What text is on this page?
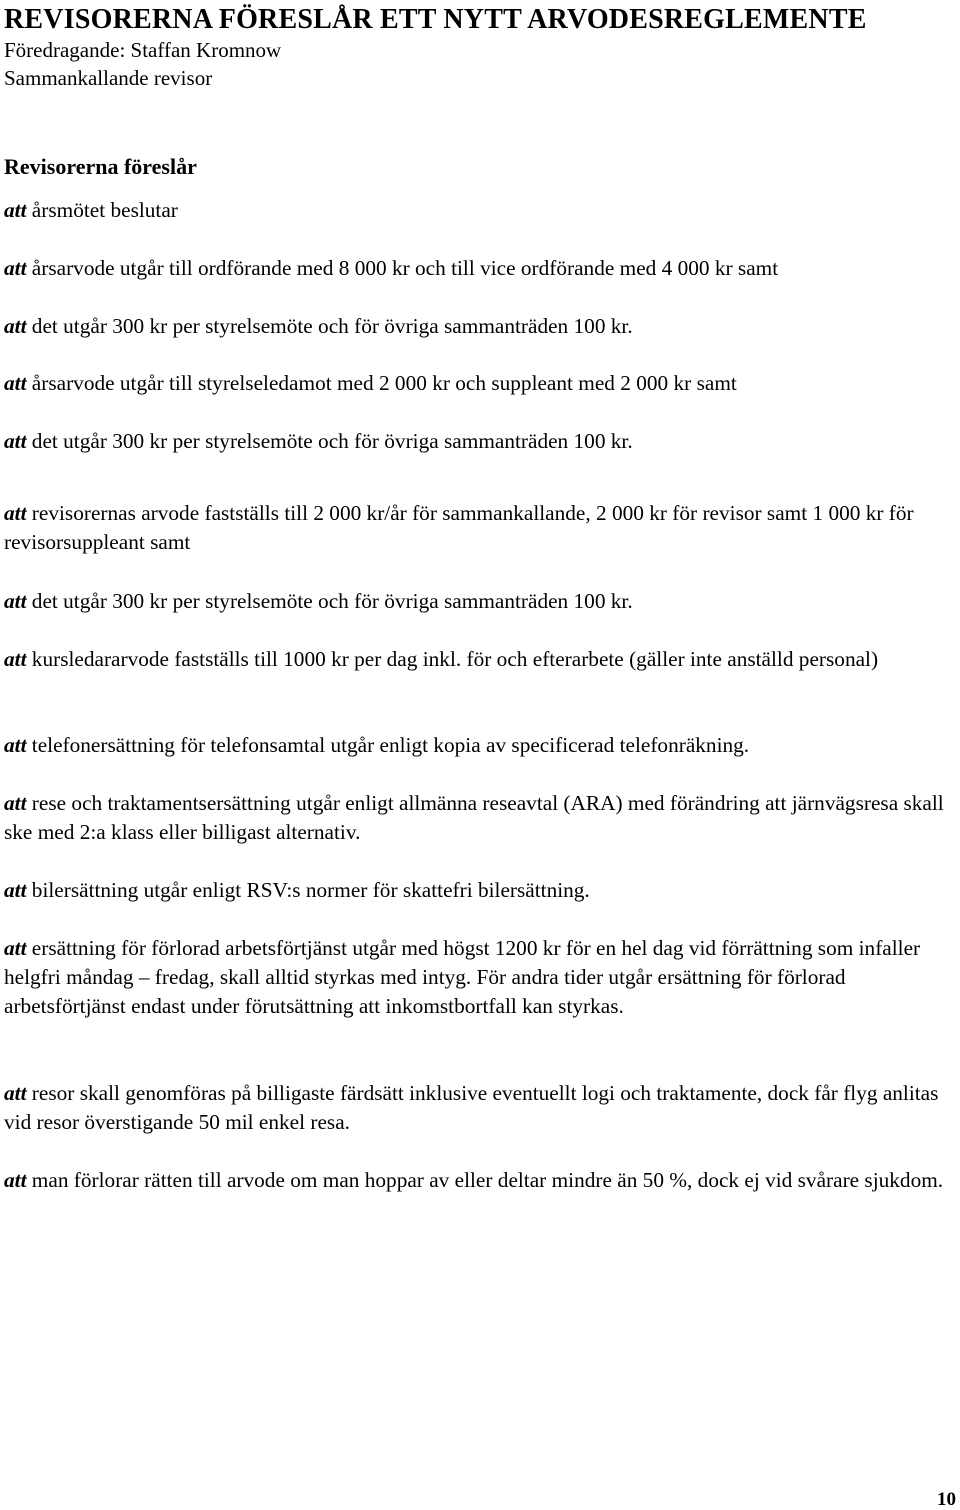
REVISORERNA FÖRESLÅR ETT NYTT ARVODESREGLEMENTE
Föredragande: Staffan Kromnow
Sammankallande revisor
Revisorerna föreslår

att årsmötet beslutar

att årsarvode utgår till ordförande med 8 000 kr och till vice ordförande med 4 000 kr samt

att det utgår 300 kr per styrelsemöte och för övriga sammanträden 100 kr.

att årsarvode utgår till styrelseledamot med 2 000 kr och suppleant med 2 000 kr samt

att det utgår 300 kr per styrelsemöte och för övriga sammanträden 100 kr.

att revisorernas arvode fastställs till 2 000 kr/år för sammankallande, 2 000 kr för revisor samt 1 000 kr för revisorsuppleant samt

att det utgår 300 kr per styrelsemöte och för övriga sammanträden 100 kr.

att kursledararvode fastställs till 1000 kr per dag inkl. för och efterarbete (gäller inte anställd personal)

att telefonersättning för telefonsamtal utgår enligt kopia av specificerad telefonräkning.

att rese och traktamentsersättning utgår enligt allmänna reseavtal (ARA) med förändring att järnvägsresa skall ske med 2:a klass eller billigast alternativ.

att bilersättning utgår enligt RSV:s normer för skattefri bilersättning.

att ersättning för förlorad arbetsförtjänst utgår med högst 1200 kr för en hel dag vid förrättning som infaller helgfri måndag – fredag, skall alltid styrkas med intyg. För andra tider utgår ersättning för förlorad arbetsförtjänst endast under förutsättning att inkomstbortfall kan styrkas.

att resor skall genomföras på billigaste färdsätt inklusive eventuellt logi och traktamente, dock får flyg anlitas vid resor överstigande 50 mil enkel resa.

att man förlorar rätten till arvode om man hoppar av eller deltar mindre än 50 %, dock ej vid svårare sjukdom.

10
